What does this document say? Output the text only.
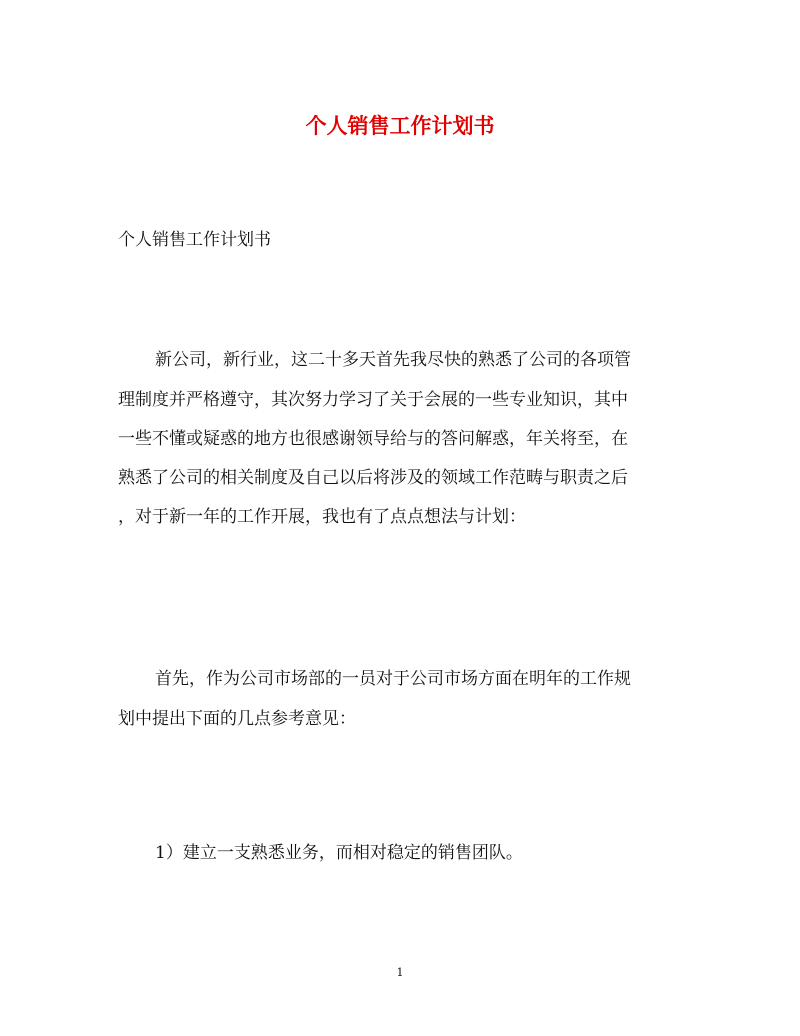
个人销售工作计划书
个人销售工作计划书
新公司，新行业，这二十多天首先我尽快的熟悉了公司的各项管
理制度并严格遵守，其次努力学习了关于会展的一些专业知识，其中
一些不懂或疑惑的地方也很感谢领导给与的答问解惑，年关将至，在
熟悉了公司的相关制度及自己以后将涉及的领域工作范畴与职责之后
，对于新一年的工作开展，我也有了点点想法与计划：
首先，作为公司市场部的一员对于公司市场方面在明年的工作规
划中提出下面的几点参考意见：
1）建立一支熟悉业务，而相对稳定的销售团队。
1
